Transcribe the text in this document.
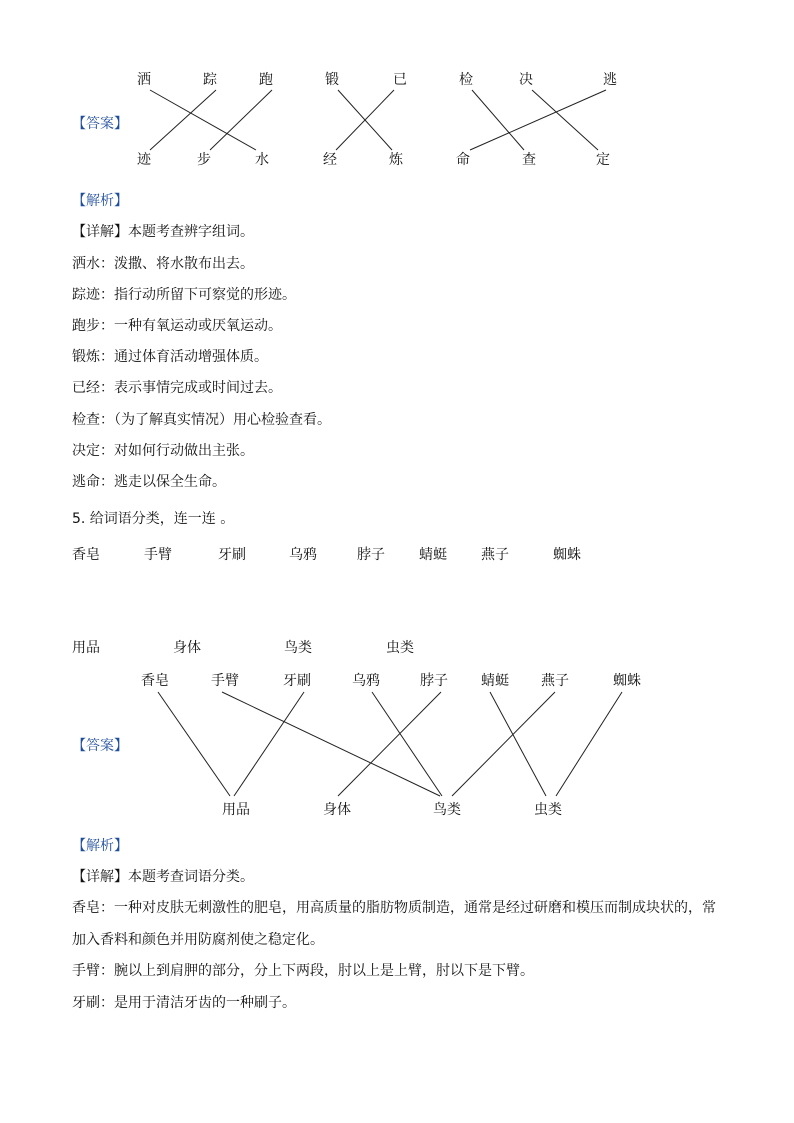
【答案】
洒	踪	跑	锻	已	检	决	逃
迹	步	水	经	炼	命	查	定
【解析】
【详解】本题考查辨字组词。
洒水：泼撒、将水散布出去。
踪迹：指行动所留下可察觉的形迹。
跑步：一种有氧运动或厌氧运动。
锻炼：通过体育活动增强体质。
已经：表示事情完成或时间过去。
检查：（为了解真实情况）用心检验查看。
决定：对如何行动做出主张。
逃命：逃走以保全生命。
5. 给词语分类，连一连 。
香皂	手臂	牙刷	乌鸦	脖子 蜻蜓 燕子	蜘蛛
用品	身体	鸟类	虫类
【答案】
香皂	手臂	牙刷	乌鸦	脖子 蜻蜓 燕子	蜘蛛
用品	身体	鸟类	虫类
【解析】
【详解】本题考查词语分类。
香皂：一种对皮肤无刺激性的肥皂，用高质量的脂肪物质制造，通常是经过研磨和模压而制成块状的，常
加入香料和颜色并用防腐剂使之稳定化。
手臂：腕以上到肩胛的部分，分上下两段，肘以上是上臂，肘以下是下臂。
牙刷：是用于清洁牙齿的一种刷子。
